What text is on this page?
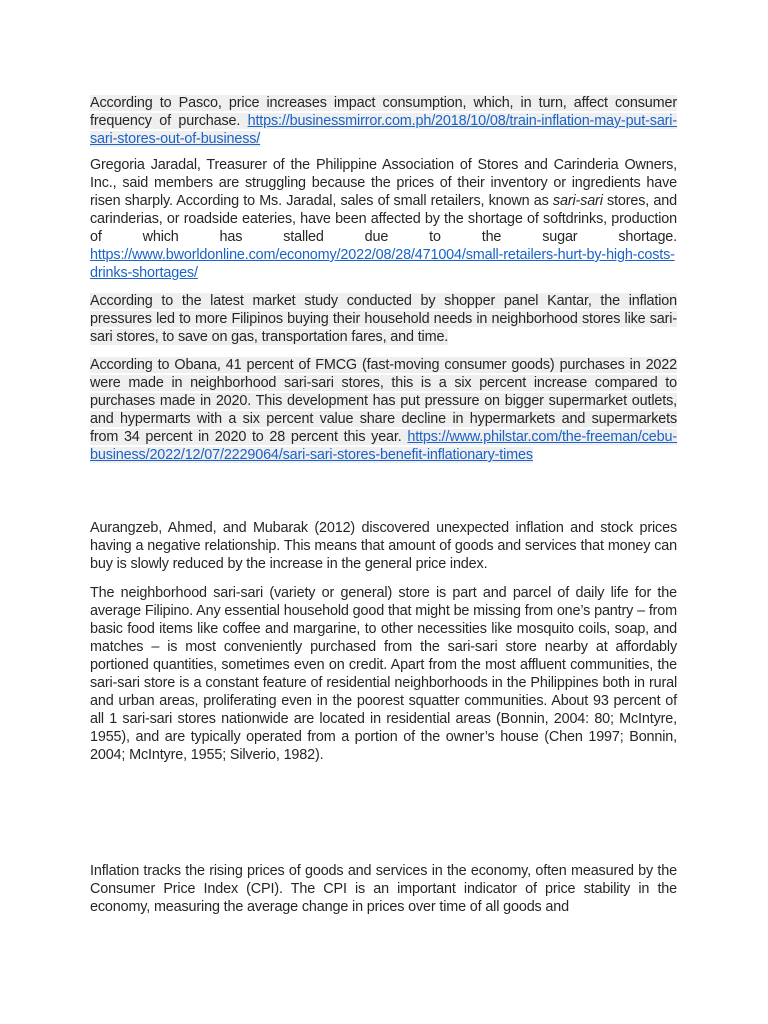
According to Pasco, price increases impact consumption, which, in turn, affect consumer frequency of purchase. https://businessmirror.com.ph/2018/10/08/train-inflation-may-put-sari-sari-stores-out-of-business/

Gregoria Jaradal, Treasurer of the Philippine Association of Stores and Carinderia Owners, Inc., said members are struggling because the prices of their inventory or ingredients have risen sharply. According to Ms. Jaradal, sales of small retailers, known as sari-sari stores, and carinderias, or roadside eateries, have been affected by the shortage of softdrinks, production of which has stalled due to the sugar shortage. https://www.bworldonline.com/economy/2022/08/28/471004/small-retailers-hurt-by-high-costs-drinks-shortages/

According to the latest market study conducted by shopper panel Kantar, the inflation pressures led to more Filipinos buying their household needs in neighborhood stores like sari-sari stores, to save on gas, transportation fares, and time.

According to Obana, 41 percent of FMCG (fast-moving consumer goods) purchases in 2022 were made in neighborhood sari-sari stores, this is a six percent increase compared to purchases made in 2020. This development has put pressure on bigger supermarket outlets, and hypermarts with a six percent value share decline in hypermarkets and supermarkets from 34 percent in 2020 to 28 percent this year. https://www.philstar.com/the-freeman/cebu-business/2022/12/07/2229064/sari-sari-stores-benefit-inflationary-times

Aurangzeb, Ahmed, and Mubarak (2012) discovered unexpected inflation and stock prices having a negative relationship. This means that amount of goods and services that money can buy is slowly reduced by the increase in the general price index.

The neighborhood sari-sari (variety or general) store is part and parcel of daily life for the average Filipino. Any essential household good that might be missing from one’s pantry – from basic food items like coffee and margarine, to other necessities like mosquito coils, soap, and matches – is most conveniently purchased from the sari-sari store nearby at affordably portioned quantities, sometimes even on credit. Apart from the most affluent communities, the sari-sari store is a constant feature of residential neighborhoods in the Philippines both in rural and urban areas, proliferating even in the poorest squatter communities. About 93 percent of all 1 sari-sari stores nationwide are located in residential areas (Bonnin, 2004: 80; McIntyre, 1955), and are typically operated from a portion of the owner’s house (Chen 1997; Bonnin, 2004; McIntyre, 1955; Silverio, 1982).

Inflation tracks the rising prices of goods and services in the economy, often measured by the Consumer Price Index (CPI). The CPI is an important indicator of price stability in the economy, measuring the average change in prices over time of all goods and
